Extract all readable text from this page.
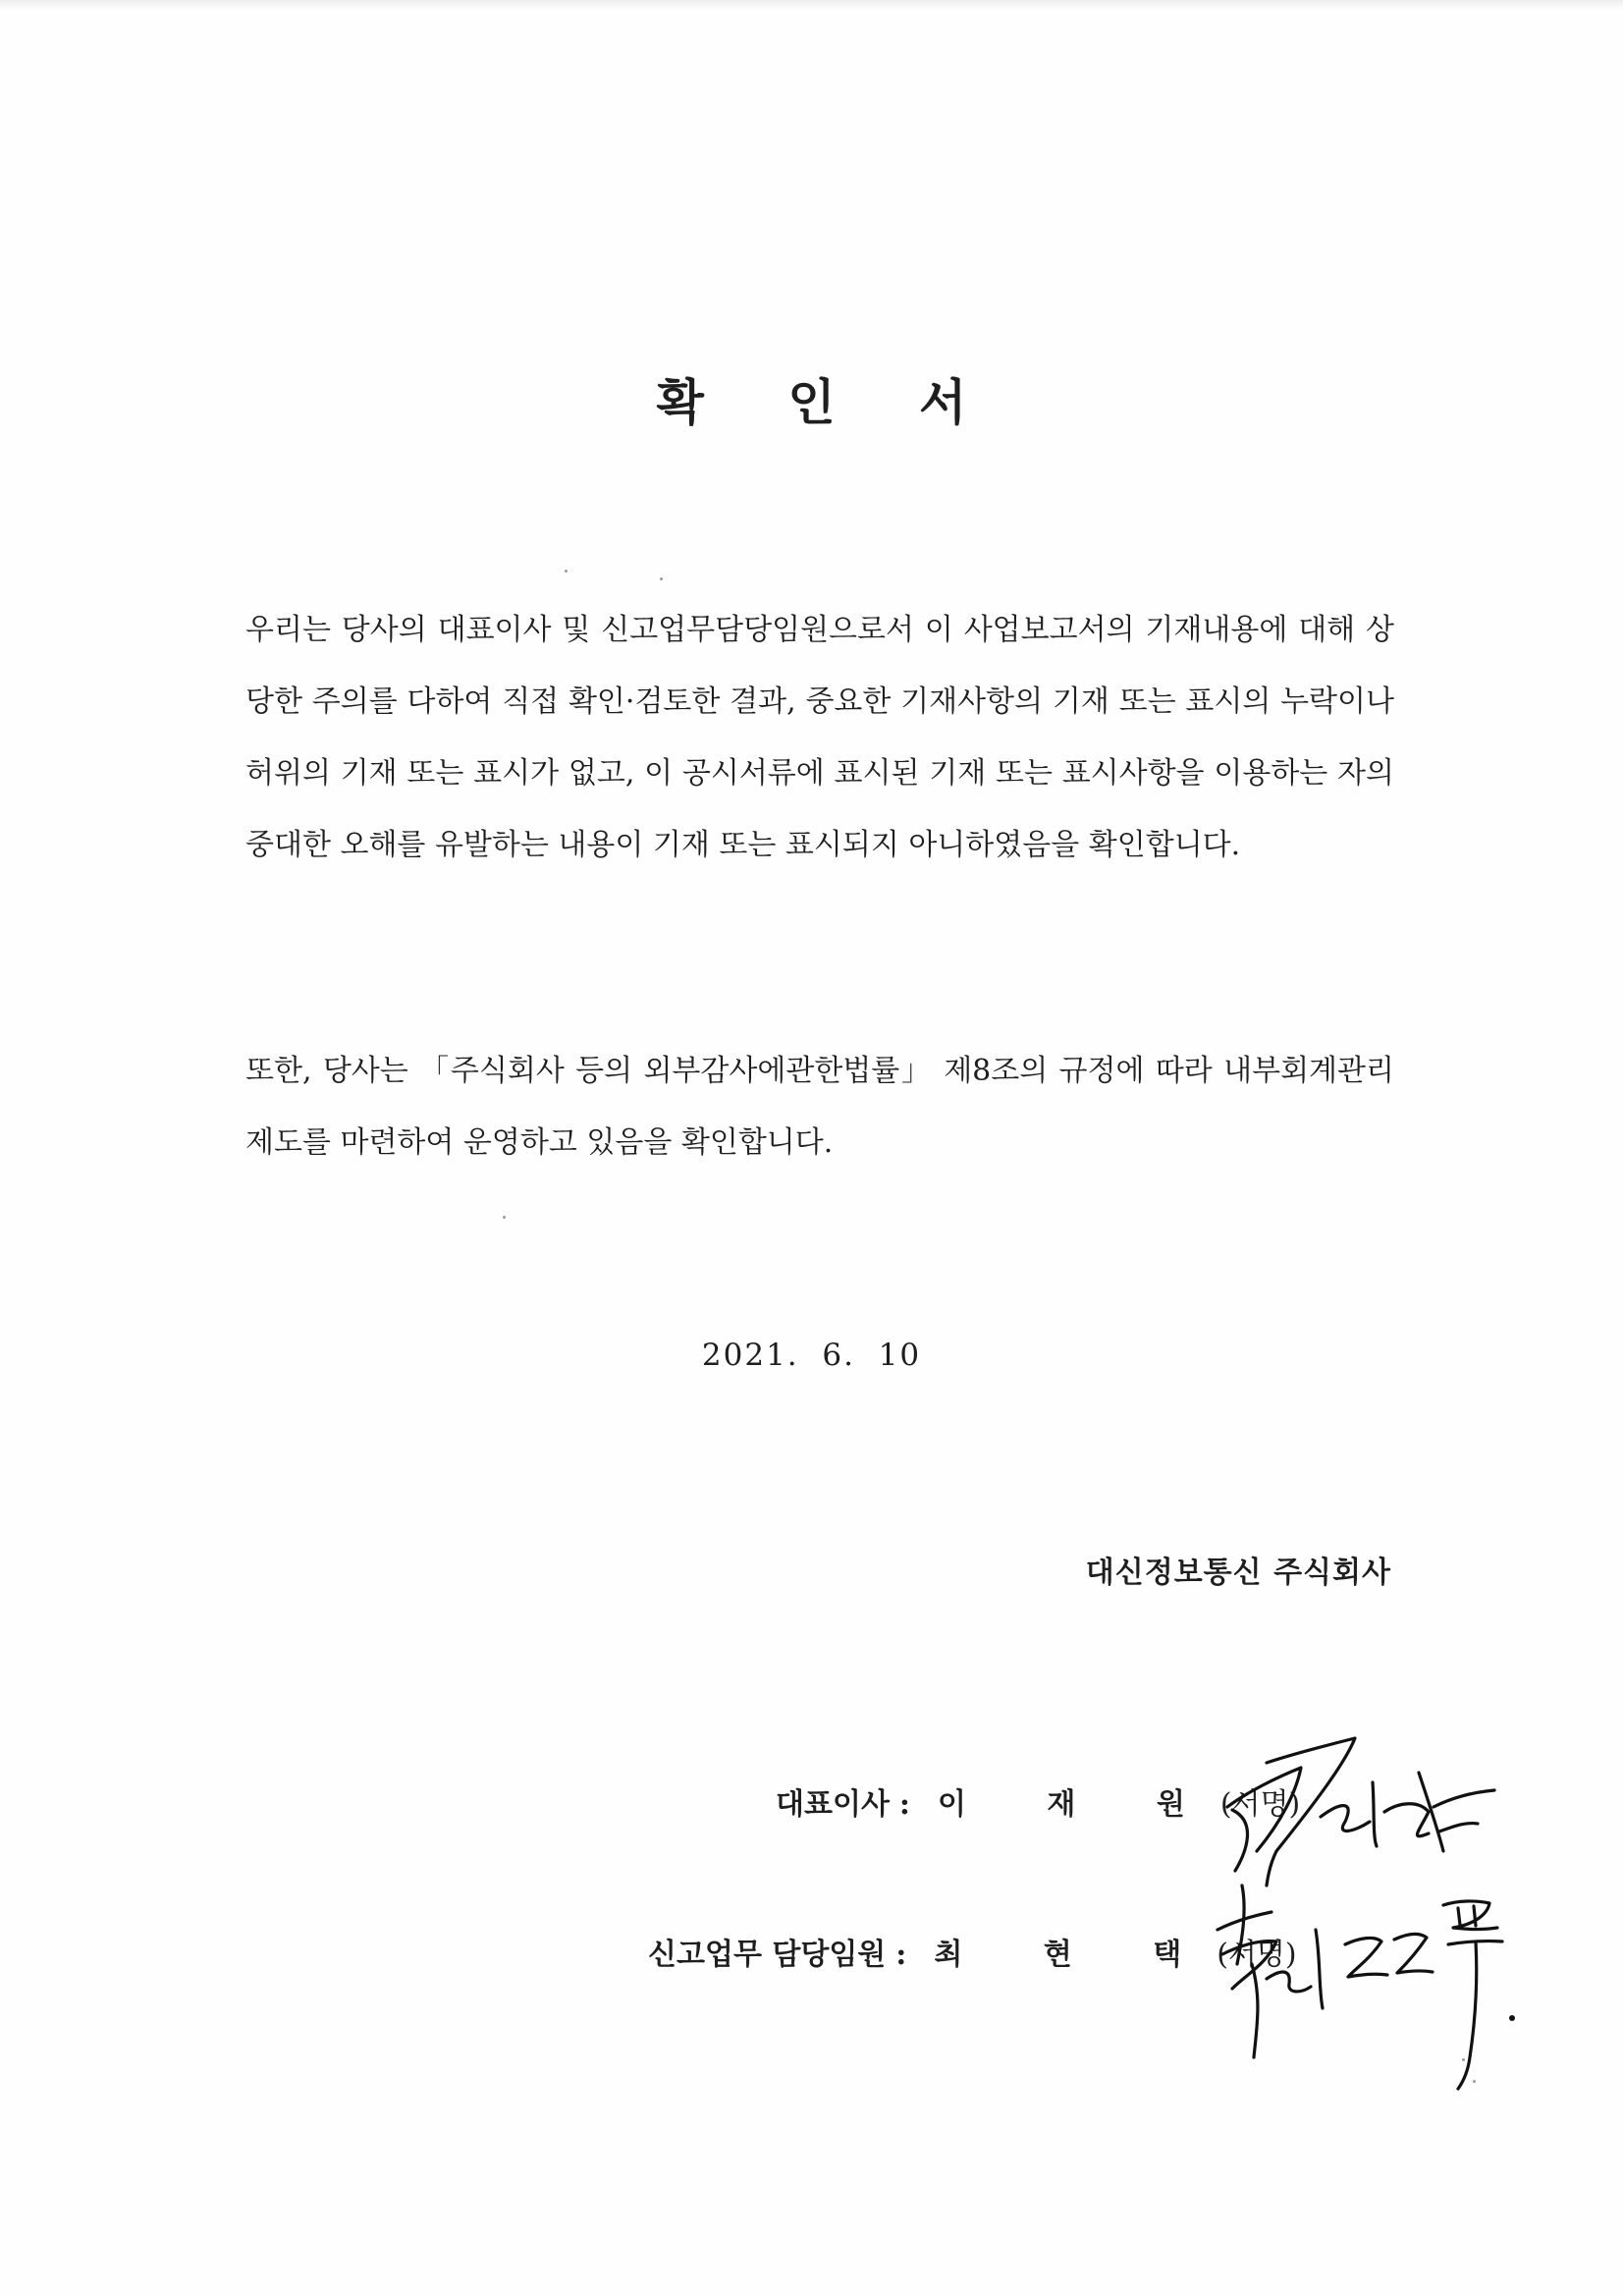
확 인 서

우리는 당사의 대표이사 및 신고업무담당임원으로서 이 사업보고서의 기재내용에 대해 상당한 주의를 다하여 직접 확인·검토한 결과, 중요한 기재사항의 기재 또는 표시의 누락이나 허위의 기재 또는 표시가 없고, 이 공시서류에 표시된 기재 또는 표시사항을 이용하는 자의 중대한 오해를 유발하는 내용이 기재 또는 표시되지 아니하였음을 확인합니다.

또한, 당사는 「주식회사 등의 외부감사에관한법률」 제8조의 규정에 따라 내부회계관리제도를 마련하여 운영하고 있음을 확인합니다.

2021.  6.  10
대신정보통신 주식회사
대표이사 : 이 재 원(서명)
신고업무 담당임원 : 최 현 택(서명)
